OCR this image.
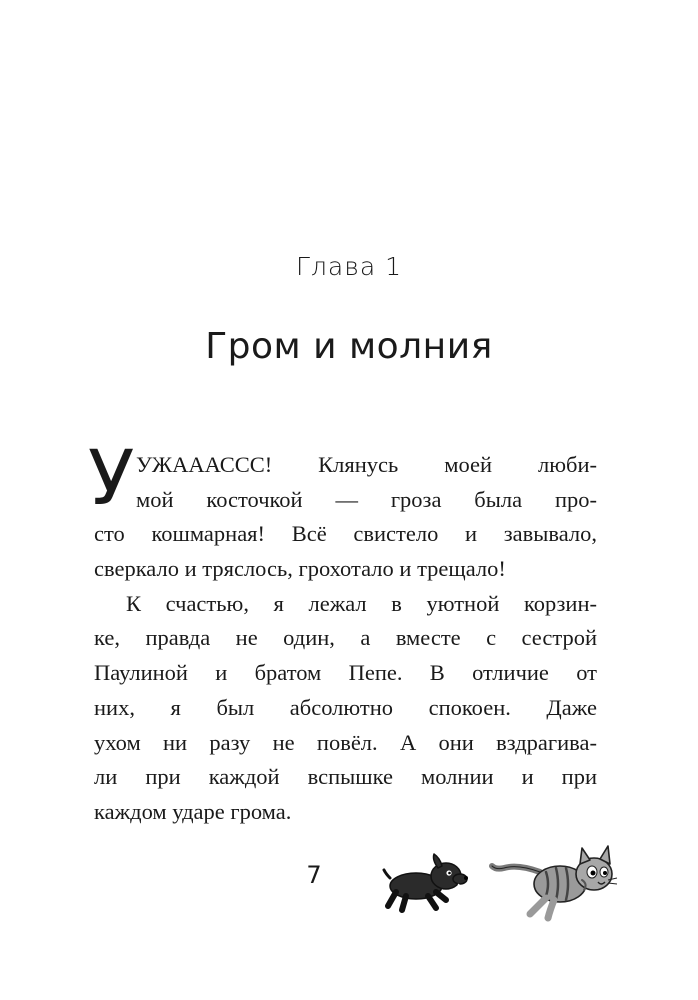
Глава 1
Гром и молния
У УЖАААССС! Клянусь моей люби-
мой косточкой — гроза была про-
сто кошмарная! Всё свистело и завывало,
сверкало и тряслось, грохотало и трещало!
К счастью, я лежал в уютной корзин-
ке, правда не один, а вместе с сестрой
Паулиной и братом Пепе. В отличие от
них, я был абсолютно спокоен. Даже
ухом ни разу не повёл. А они вздрагива-
ли при каждой вспышке молнии и при
каждом ударе грома.
7
